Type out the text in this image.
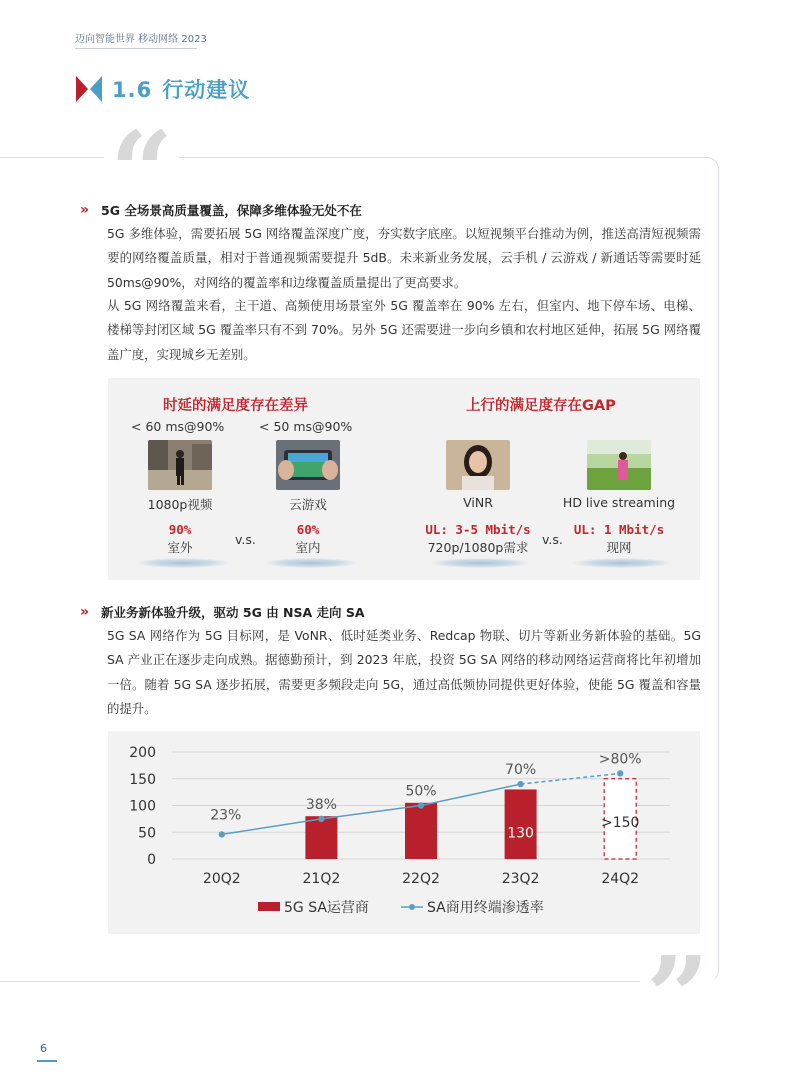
迈向智能世界 移动网络 2023
1.6 行动建议
“
”
» 5G 全场景高质量覆盖，保障多维体验无处不在
5G 多维体验，需要拓展 5G 网络覆盖深度广度，夯实数字底座。以短视频平台推动为例，推送高清短视频需要的网络覆盖质量，相对于普通视频需要提升 5dB。未来新业务发展，云手机 / 云游戏 / 新通话等需要时延 50ms@90%，对网络的覆盖率和边缘覆盖质量提出了更高要求。
从 5G 网络覆盖来看，主干道、高频使用场景室外 5G 覆盖率在 90% 左右，但室内、地下停车场、电梯、楼梯等封闭区域 5G 覆盖率只有不到 70%。另外 5G 还需要进一步向乡镇和农村地区延伸，拓展 5G 网络覆盖广度，实现城乡无差别。
时延的满足度存在差异	上行的满足度存在GAP
< 60 ms@90%	< 50 ms@90%
1080p视频	云游戏	ViNR	HD live streaming
90%	60%	UL: 3-5 Mbit/s	UL: 1 Mbit/s
室外	室内	720p/1080p需求	现网
v.s.	v.s.
» 新业务新体验升级，驱动 5G 由 NSA 走向 SA
5G SA 网络作为 5G 目标网，是 VoNR、低时延类业务、Redcap 物联、切片等新业务新体验的基础。5G SA 产业正在逐步走向成熟。据德勤预计，到 2023 年底，投资 5G SA 网络的移动网络运营商将比年初增加一倍。随着 5G SA 逐步拓展，需要更多频段走向 5G，通过高低频协同提供更好体验，使能 5G 覆盖和容量的提升。
0
50
100
150
200
20Q2	21Q2	22Q2	23Q2	24Q2
130
>150
23%
38%
50%
70%
>80%
5G SA运营商	SA商用终端渗透率
6
